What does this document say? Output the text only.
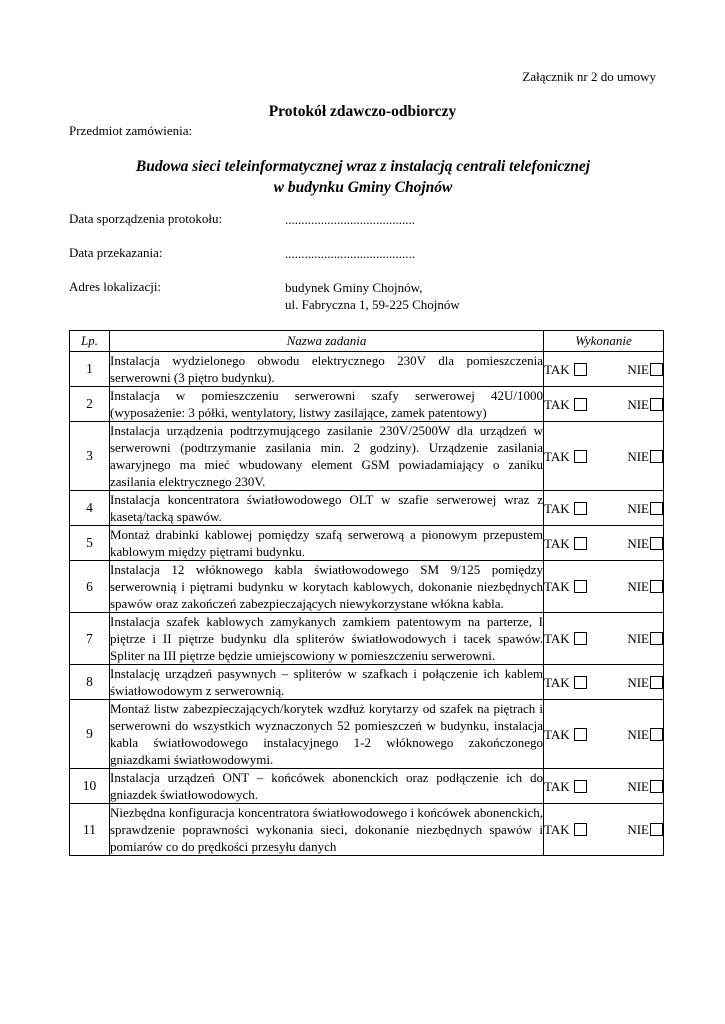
Załącznik nr 2 do umowy
Protokół zdawczo-odbiorczy
Przedmiot zamówienia:
Budowa sieci teleinformatycznej wraz z instalacją centrali telefonicznej
w budynku Gminy Chojnów
Data sporządzenia protokołu:	........................................
Data przekazania:	........................................
Adres lokalizacji:	budynek Gminy Chojnów,
ul. Fabryczna 1, 59-225 Chojnów
Lp.	Nazwa zadania	Wykonanie
1	Instalacja wydzielonego obwodu elektrycznego 230V dla pomieszczenia serwerowni (3 piętro budynku).	TAK NIE

2	Instalacja w pomieszczeniu serwerowni szafy serwerowej 42U/1000 (wyposażenie: 3 półki, wentylatory, listwy zasilające, zamek patentowy)	TAK NIE

3	Instalacja urządzenia podtrzymującego zasilanie 230V/2500W dla urządzeń w serwerowni (podtrzymanie zasilania min. 2 godziny). Urządzenie zasilania awaryjnego ma mieć wbudowany element GSM powiadamiający o zaniku zasilania elektrycznego 230V.	TAK NIE

4	Instalacja koncentratora światłowodowego OLT w szafie serwerowej wraz z kasetą/tacką spawów.	TAK NIE

5	Montaż drabinki kablowej pomiędzy szafą serwerową a pionowym przepustem kablowym między piętrami budynku.	TAK NIE

6	Instalacja 12 włóknowego kabla światłowodowego SM 9/125 pomiędzy serwerownią i piętrami budynku w korytach kablowych, dokonanie niezbędnych spawów oraz zakończeń zabezpieczających niewykorzystane włókna kabla.	TAK NIE

7	Instalacja szafek kablowych zamykanych zamkiem patentowym na parterze, I piętrze i II piętrze budynku dla spliterów światłowodowych i tacek spawów. Spliter na III piętrze będzie umiejscowiony w pomieszczeniu serwerowni.	TAK NIE

8	Instalację urządzeń pasywnych – spliterów w szafkach i połączenie ich kablem światłowodowym z serwerownią.	TAK NIE

9	Montaż listw zabezpieczających/korytek wzdłuż korytarzy od szafek na piętrach i serwerowni do wszystkich wyznaczonych 52 pomieszczeń w budynku, instalacja kabla światłowodowego instalacyjnego 1-2 włóknowego zakończonego gniazdkami światłowodowymi.	TAK NIE

10	Instalacja urządzeń ONT – końcówek abonenckich oraz podłączenie ich do gniazdek światłowodowych.	TAK NIE

11	Niezbędna konfiguracja koncentratora światłowodowego i końcówek abonenckich, sprawdzenie poprawności wykonania sieci, dokonanie niezbędnych spawów i pomiarów co do prędkości przesyłu danych	TAK NIE
